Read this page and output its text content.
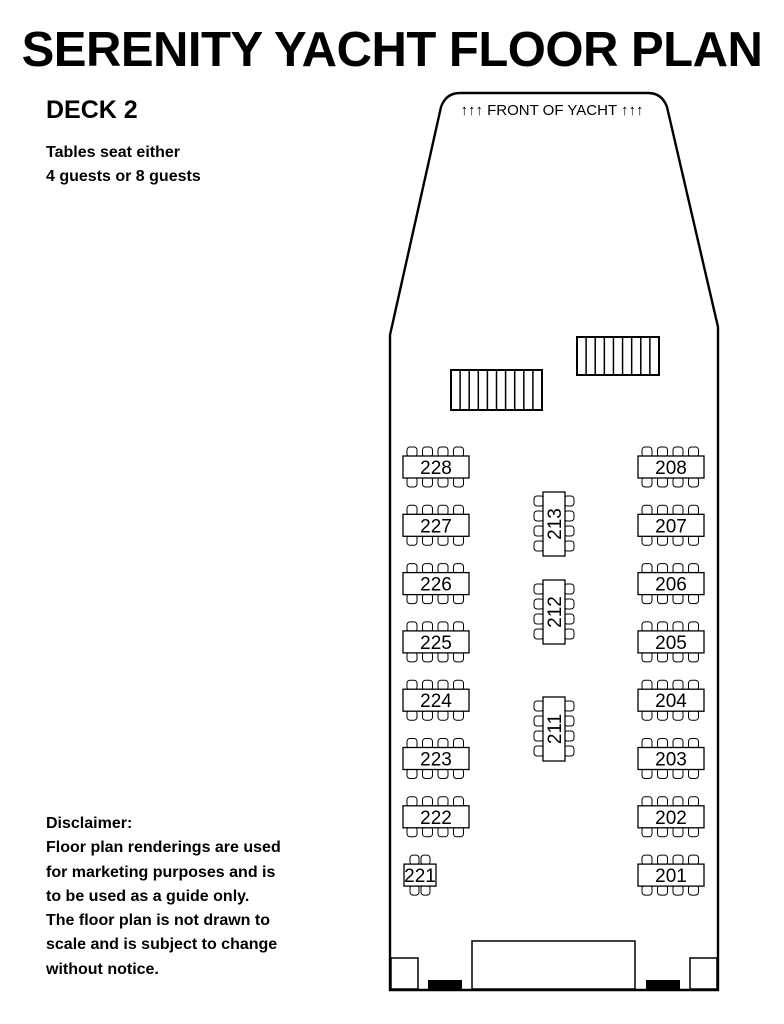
SERENITY YACHT FLOOR PLAN
DECK 2
Tables seat either
4 guests or 8 guests
Disclaimer:
Floor plan renderings are used
for marketing purposes and is
to be used as a guide only.
The floor plan is not drawn to
scale and is subject to change
without notice.
↑↑↑ FRONT OF YACHT ↑↑↑
228
227
226
225
224
223
222
221
208
207
206
205
204
203
202
201
213
212
211
